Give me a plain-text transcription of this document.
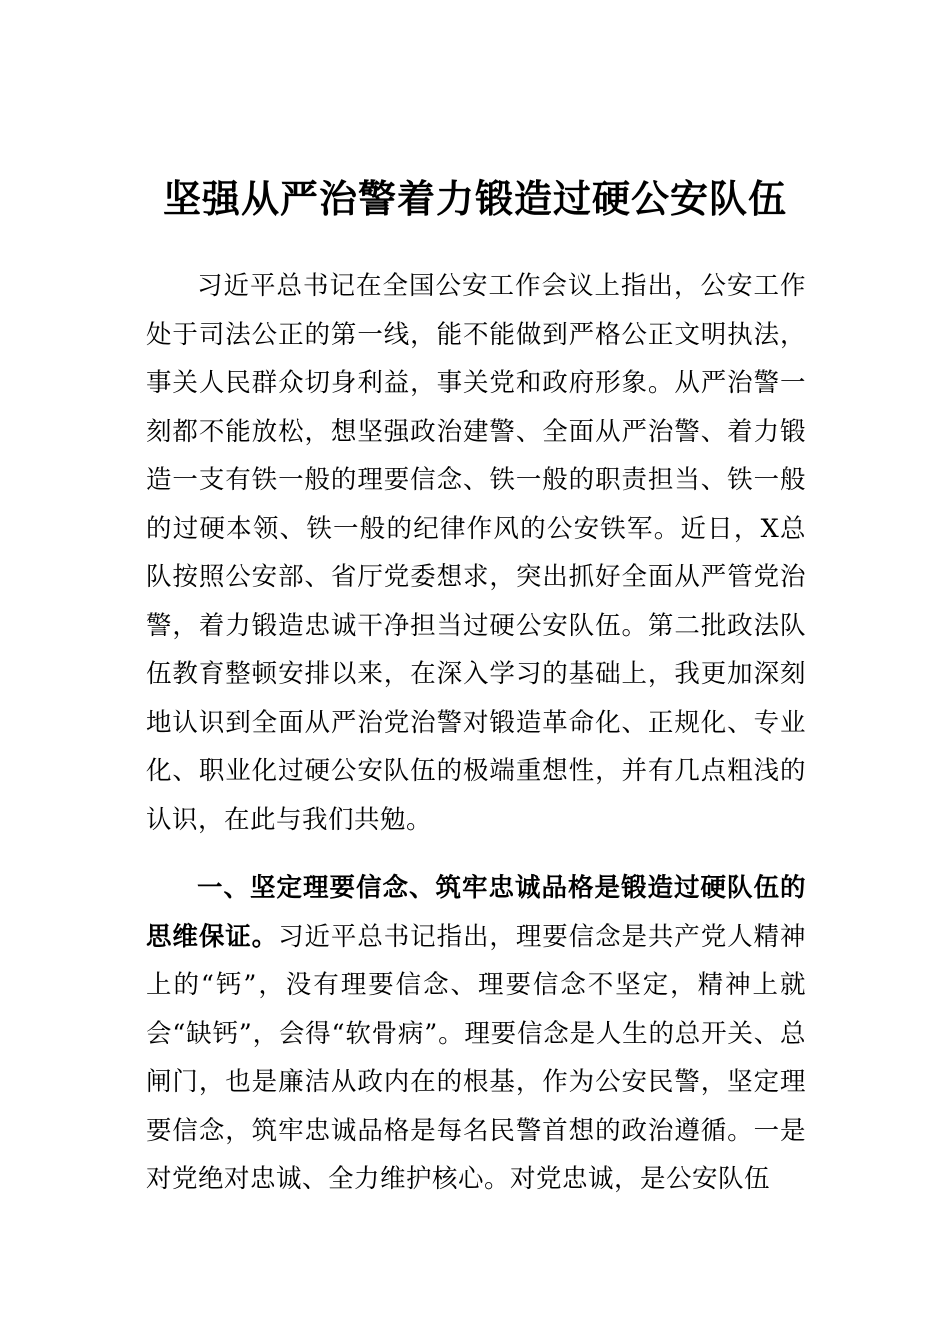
坚强从严治警着力锻造过硬公安队伍

习近平总书记在全国公安工作会议上指出，公安工作处于司法公正的第一线，能不能做到严格公正文明执法，事关人民群众切身利益，事关党和政府形象。从严治警一刻都不能放松，想坚强政治建警、全面从严治警、着力锻造一支有铁一般的理要信念、铁一般的职责担当、铁一般的过硬本领、铁一般的纪律作风的公安铁军。近日，X总队按照公安部、省厅党委想求，突出抓好全面从严管党治警，着力锻造忠诚干净担当过硬公安队伍。第二批政法队伍教育整顿安排以来，在深入学习的基础上，我更加深刻地认识到全面从严治党治警对锻造革命化、正规化、专业化、职业化过硬公安队伍的极端重想性，并有几点粗浅的认识，在此与我们共勉。

一、坚定理要信念、筑牢忠诚品格是锻造过硬队伍的思维保证。习近平总书记指出，理要信念是共产党人精神上的“钙”，没有理要信念、理要信念不坚定，精神上就会“缺钙”，会得“软骨病”。理要信念是人生的总开关、总闸门，也是廉洁从政内在的根基，作为公安民警，坚定理要信念，筑牢忠诚品格是每名民警首想的政治遵循。一是对党绝对忠诚、全力维护核心。对党忠诚，是公安队伍
